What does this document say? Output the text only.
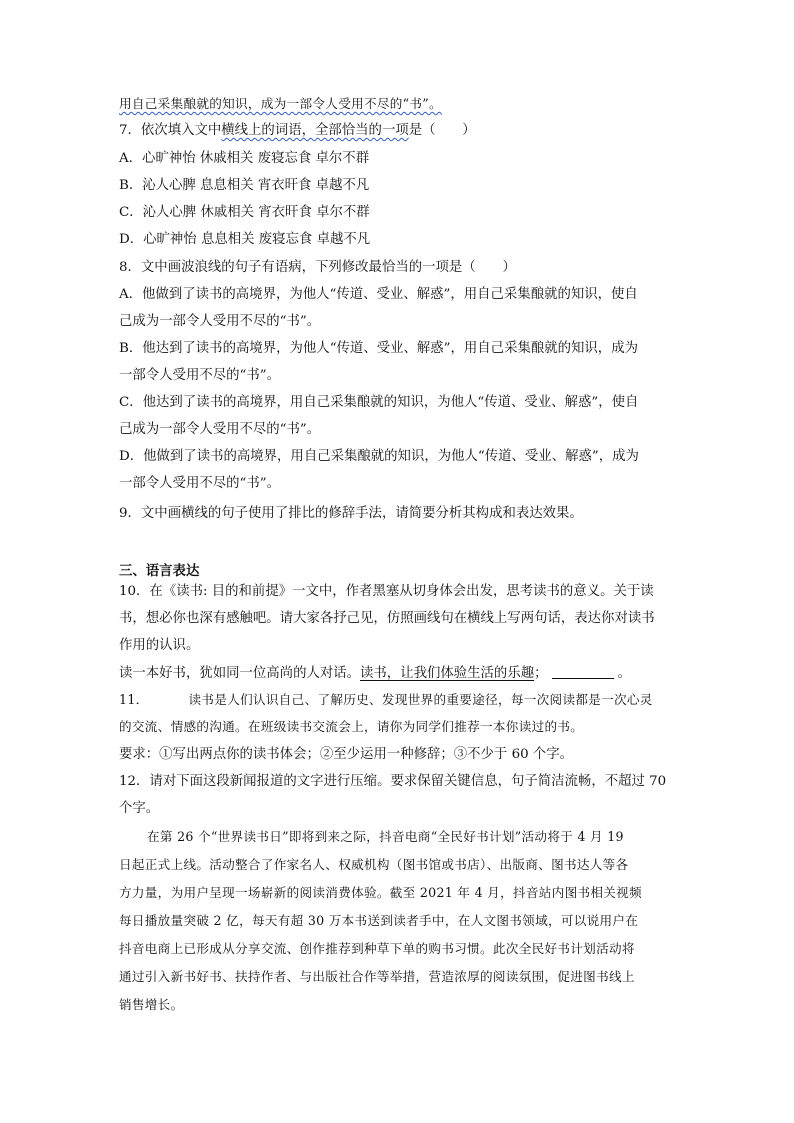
用自己采集酿就的知识，成为一部令人受用不尽的“书”。
7．依次填入文中横线上的词语，全部恰当的一项是（　　）
A．心旷神怡 休戚相关 废寝忘食 卓尔不群
B．沁人心脾 息息相关 宵衣旰食 卓越不凡
C．沁人心脾 休戚相关 宵衣旰食 卓尔不群
D．心旷神怡 息息相关 废寝忘食 卓越不凡
8．文中画波浪线的句子有语病，下列修改最恰当的一项是（　　）
A．他做到了读书的高境界，为他人“传道、受业、解惑”，用自己采集酿就的知识，使自
己成为一部令人受用不尽的“书”。
B．他达到了读书的高境界，为他人“传道、受业、解惑”，用自己采集酿就的知识，成为
一部令人受用不尽的“书”。
C．他达到了读书的高境界，用自己采集酿就的知识，为他人“传道、受业、解惑”，使自
己成为一部令人受用不尽的“书”。
D．他做到了读书的高境界，用自己采集酿就的知识，为他人“传道、受业、解惑”，成为
一部令人受用不尽的“书”。
9．文中画横线的句子使用了排比的修辞手法，请简要分析其构成和表达效果。
三、语言表达
10．在《读书: 目的和前提》一文中，作者黑塞从切身体会出发，思考读书的意义。关于读
书，想必你也深有感触吧。请大家各抒己见，仿照画线句在横线上写两句话，表达你对读书
作用的认识。
读一本好书，犹如同一位高尚的人对话。读书，让我们体验生活的乐趣；	。
11．	读书是人们认识自己、了解历史、发现世界的重要途径，每一次阅读都是一次心灵
的交流、情感的沟通。在班级读书交流会上，请你为同学们推荐一本你读过的书。
要求：①写出两点你的读书体会；②至少运用一种修辞；③不少于 60 个字。
12．请对下面这段新闻报道的文字进行压缩。要求保留关键信息，句子简洁流畅，不超过 70
个字。
在第 26 个“世界读书日”即将到来之际，抖音电商“全民好书计划”活动将于 4 月 19
日起正式上线。活动整合了作家名人、权威机构（图书馆或书店）、出版商、图书达人等各
方力量，为用户呈现一场崭新的阅读消费体验。截至 2021 年 4 月，抖音站内图书相关视频
每日播放量突破 2 亿，每天有超 30 万本书送到读者手中，在人文图书领域，可以说用户在
抖音电商上已形成从分享交流、创作推荐到种草下单的购书习惯。此次全民好书计划活动将
通过引入新书好书、扶持作者、与出版社合作等举措，营造浓厚的阅读氛围，促进图书线上
销售增长。
